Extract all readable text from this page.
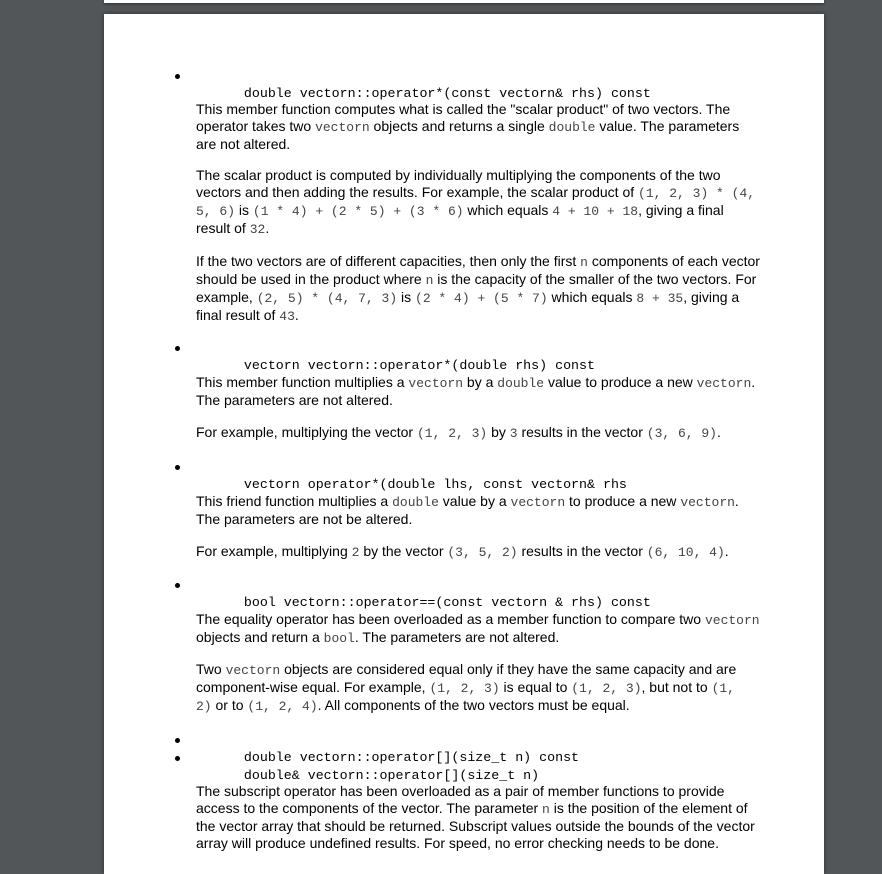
double vectorn::operator*(const vectorn& rhs) const

This member function computes what is called the "scalar product" of two vectors. The
operator takes two vectorn objects and returns a single double value. The parameters
are not altered.
The scalar product is computed by individually multiplying the components of the two
vectors and then adding the results. For example, the scalar product of (1, 2, 3) * (4,
5, 6) is (1 * 4) + (2 * 5) + (3 * 6) which equals 4 + 10 + 18, giving a final
result of 32.
If the two vectors are of different capacities, then only the first n components of each vector
should be used in the product where n is the capacity of the smaller of the two vectors. For
example, (2, 5) * (4, 7, 3) is (2 * 4) + (5 * 7) which equals 8 + 35, giving a
final result of 43.

vectorn vectorn::operator*(double rhs) const

This member function multiplies a vectorn by a double value to produce a new vectorn.
The parameters are not altered.
For example, multiplying the vector (1, 2, 3) by 3 results in the vector (3, 6, 9).

vectorn operator*(double lhs, const vectorn& rhs

This friend function multiplies a double value by a vectorn to produce a new vectorn.
The parameters are not be altered.
For example, multiplying 2 by the vector (3, 5, 2) results in the vector (6, 10, 4).

bool vectorn::operator==(const vectorn & rhs) const

The equality operator has been overloaded as a member function to compare two vectorn
objects and return a bool. The parameters are not altered.
Two vectorn objects are considered equal only if they have the same capacity and are
component-wise equal. For example, (1, 2, 3) is equal to (1, 2, 3), but not to (1,
2) or to (1, 2, 4). All components of the two vectors must be equal.

double vectorn::operator[](size_t n) const

double& vectorn::operator[](size_t n)

The subscript operator has been overloaded as a pair of member functions to provide
access to the components of the vector. The parameter n is the position of the element of
the vector array that should be returned. Subscript values outside the bounds of the vector
array will produce undefined results. For speed, no error checking needs to be done.
